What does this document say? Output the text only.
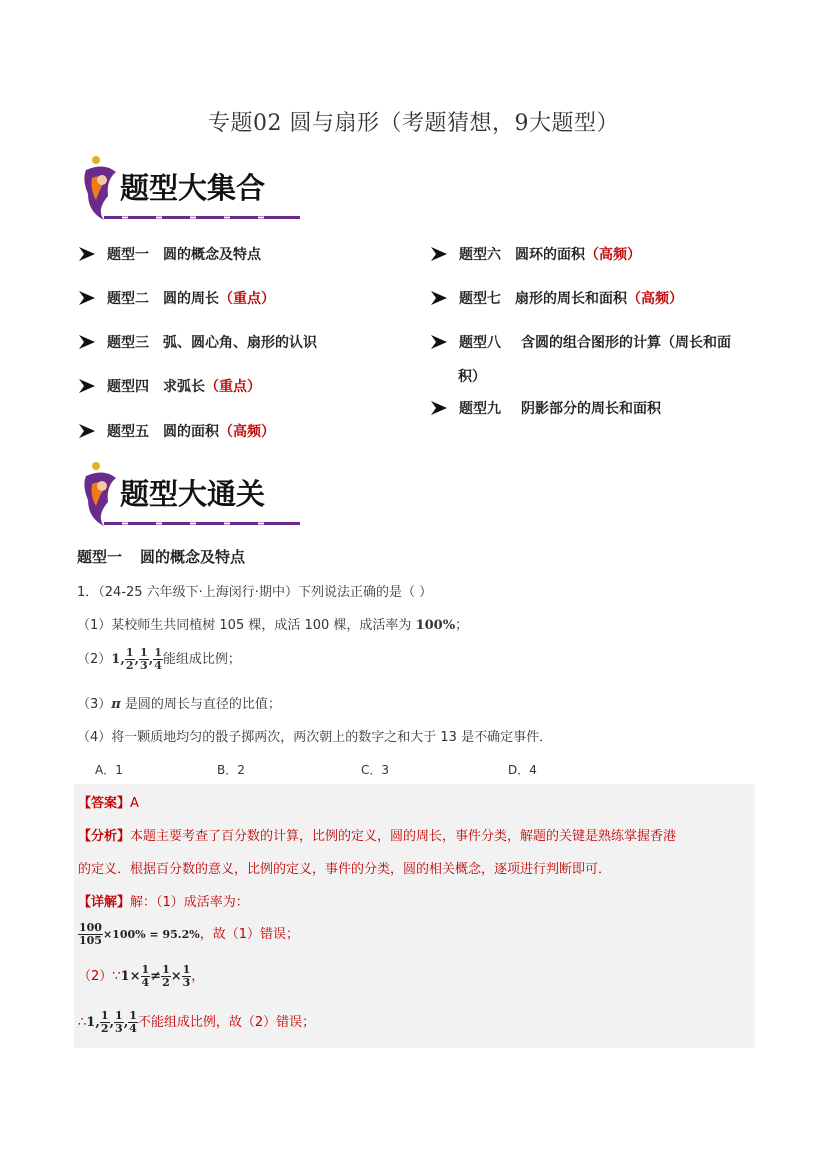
专题02 圆与扇形（考题猜想，9大题型）
题型大集合
题型一 圆的概念及特点
题型二 圆的周长（重点）
题型三 弧、圆心角、扇形的认识
题型四 求弧长（重点）
题型五 圆的面积（高频）
题型六 圆环的面积（高频）
题型七 扇形的周长和面积（高频）
题型八 含圆的组合图形的计算（周长和面
积）
题型九 阴影部分的周长和面积
题型大通关
题型一 圆的概念及特点
1．（24-25 六年级下·上海闵行·期中）下列说法正确的是（ ）
（1）某校师生共同植树 105 棵，成活 100 棵，成活率为 100%；
（2）1, $\frac{1}{2}$ , $\frac{1}{3}$ , $\frac{1}{4}$ 能组成比例；
（3）π 是圆的周长与直径的比值；
（4）将一颗质地均匀的骰子掷两次，两次朝上的数字之和大于 13 是不确定事件．
A．1	B．2	C．3	D．4
【答案】A
【分析】本题主要考查了百分数的计算，比例的定义，圆的周长，事件分类，解题的关键是熟练掌握香港
的定义．根据百分数的意义，比例的定义，事件的分类，圆的相关概念，逐项进行判断即可．
【详解】解：（1）成活率为：
$\frac{100}{105} \times 100\% = 95.2\%$，故（1）错误；
（2）∵1× $\frac{1}{4} \ne \frac{1}{2} \times \frac{1}{3}$ ，
∴1, $\frac{1}{2}$ , $\frac{1}{3}$ , $\frac{1}{4}$ 不能组成比例，故（2）错误；
